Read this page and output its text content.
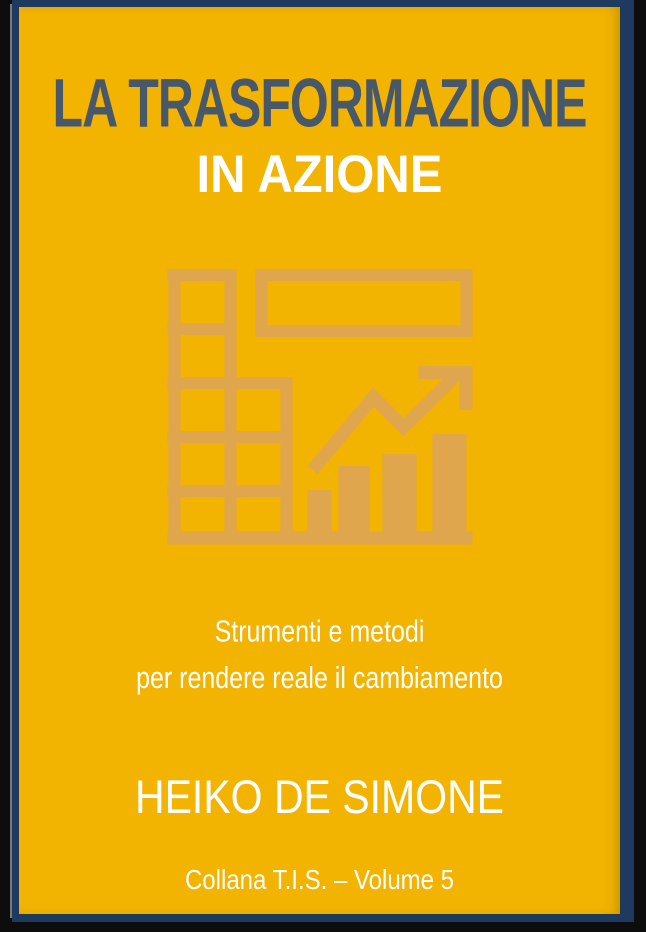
LA TRASFORMAZIONE
IN AZIONE
Strumenti e metodi
per rendere reale il cambiamento
HEIKO DE SIMONE
Collana T.I.S. – Volume 5
